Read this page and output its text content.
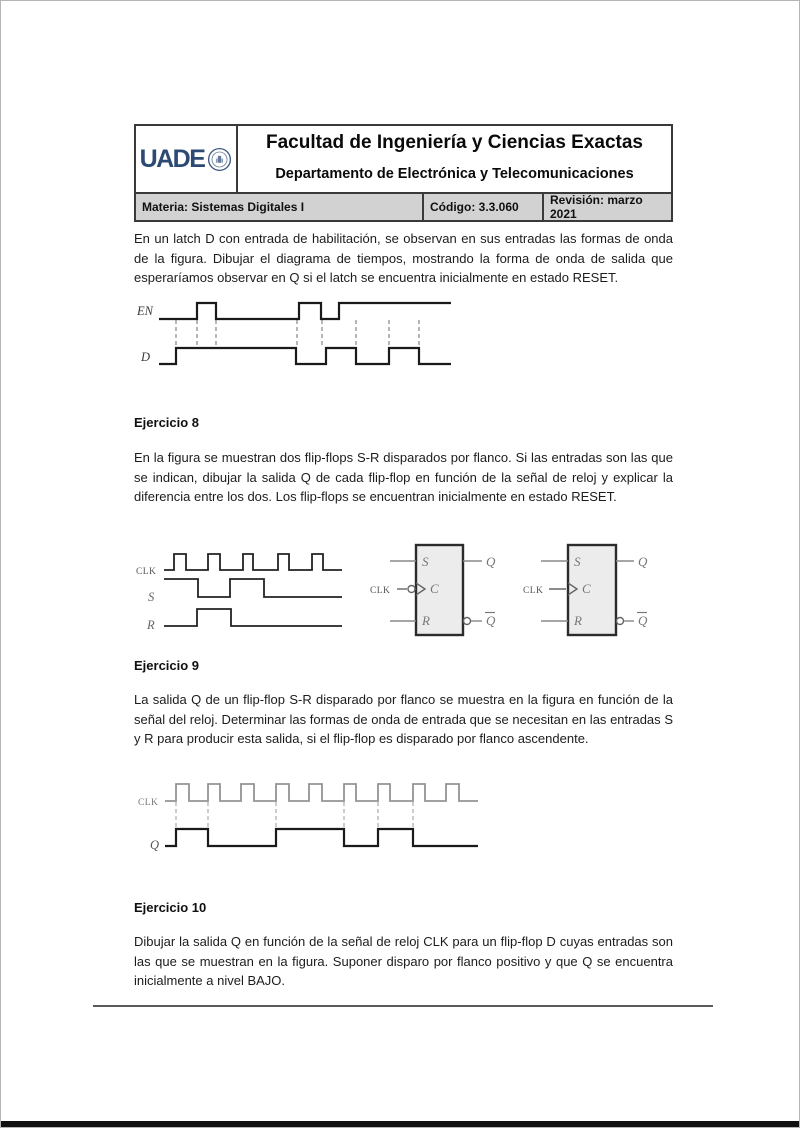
UADE
Facultad de Ingeniería y Ciencias Exactas
Departamento de Electrónica y Telecomunicaciones
Materia: Sistemas Digitales I	Código: 3.3.060	Revisión: marzo 2021
En un latch D con entrada de habilitación, se observan en sus entradas las formas de onda de la figura. Dibujar el diagrama de tiempos, mostrando la forma de onda de salida que esperaríamos observar en Q si el latch se encuentra inicialmente en estado RESET.
EN
D
Ejercicio 8
En la figura se muestran dos flip-flops S-R disparados por flanco. Si las entradas son las que se indican, dibujar la salida Q de cada flip-flop en función de la señal de reloj y explicar la diferencia entre los dos. Los flip-flops se encuentran inicialmente en estado RESET.
CLK
S
C
R
Q
Q
CLK
S
C
R
Q
Q
CLK
S
R
Ejercicio 9
La salida Q de un flip-flop S-R disparado por flanco se muestra en la figura en función de la señal del reloj. Determinar las formas de onda de entrada que se necesitan en las entradas S y R para producir esta salida, si el flip-flop es disparado por flanco ascendente.
CLK
Q
Ejercicio 10
Dibujar la salida Q en función de la señal de reloj CLK para un flip-flop D cuyas entradas son las que se muestran en la figura. Suponer disparo por flanco positivo y que Q se encuentra inicialmente a nivel BAJO.
